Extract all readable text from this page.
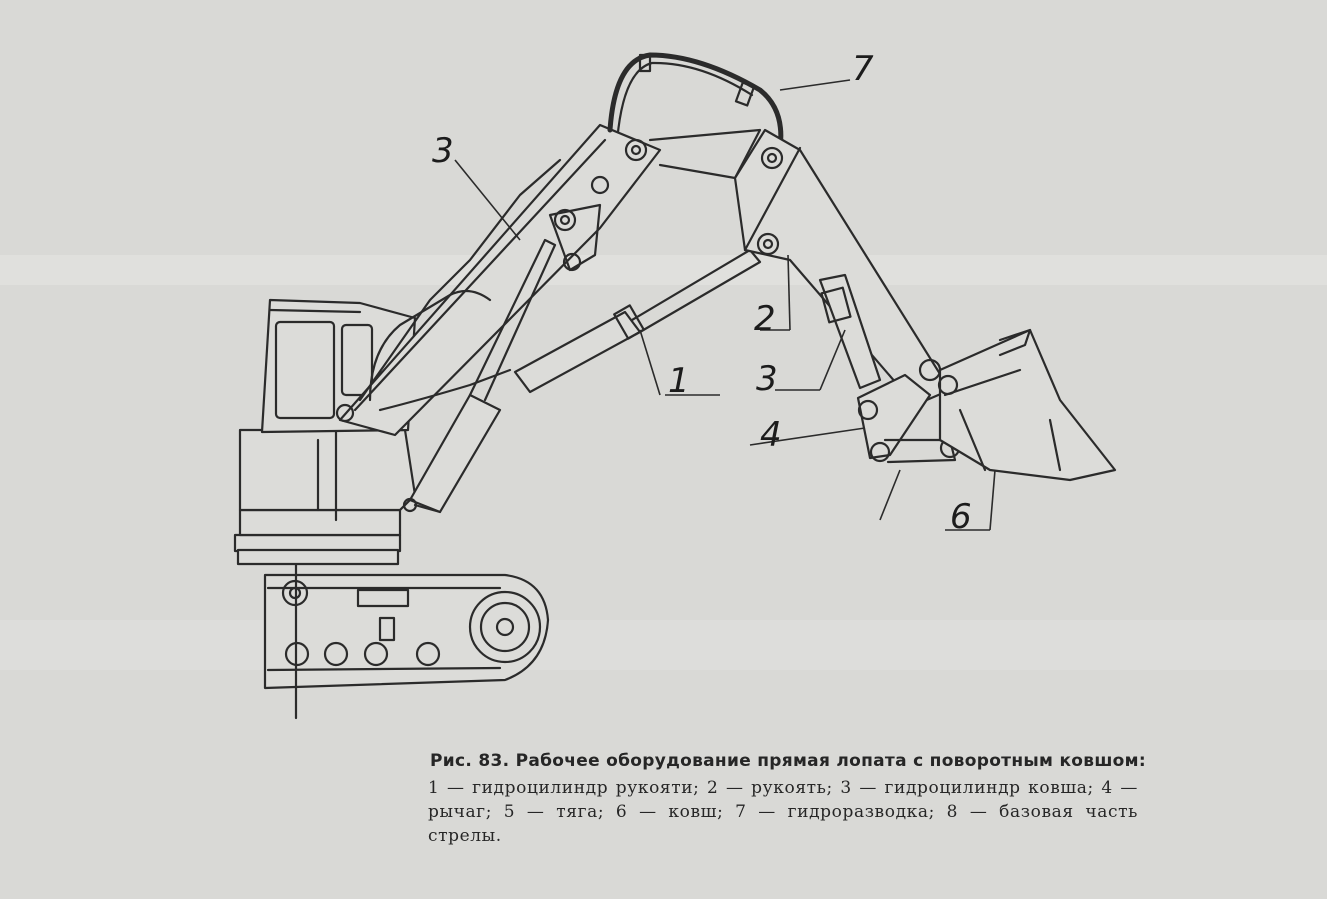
3
2
1 3
4
6
7
Рис. 83. Рабочее оборудование прямая лопата с поворотным ковшом:
1 — гидроцилиндр рукояти; 2 — рукоять; 3 — гидроцилиндр ковша; 4 — рычаг; 5 — тяга; 6 — ковш; 7 — гидроразводка; 8 — базовая часть стрелы.
